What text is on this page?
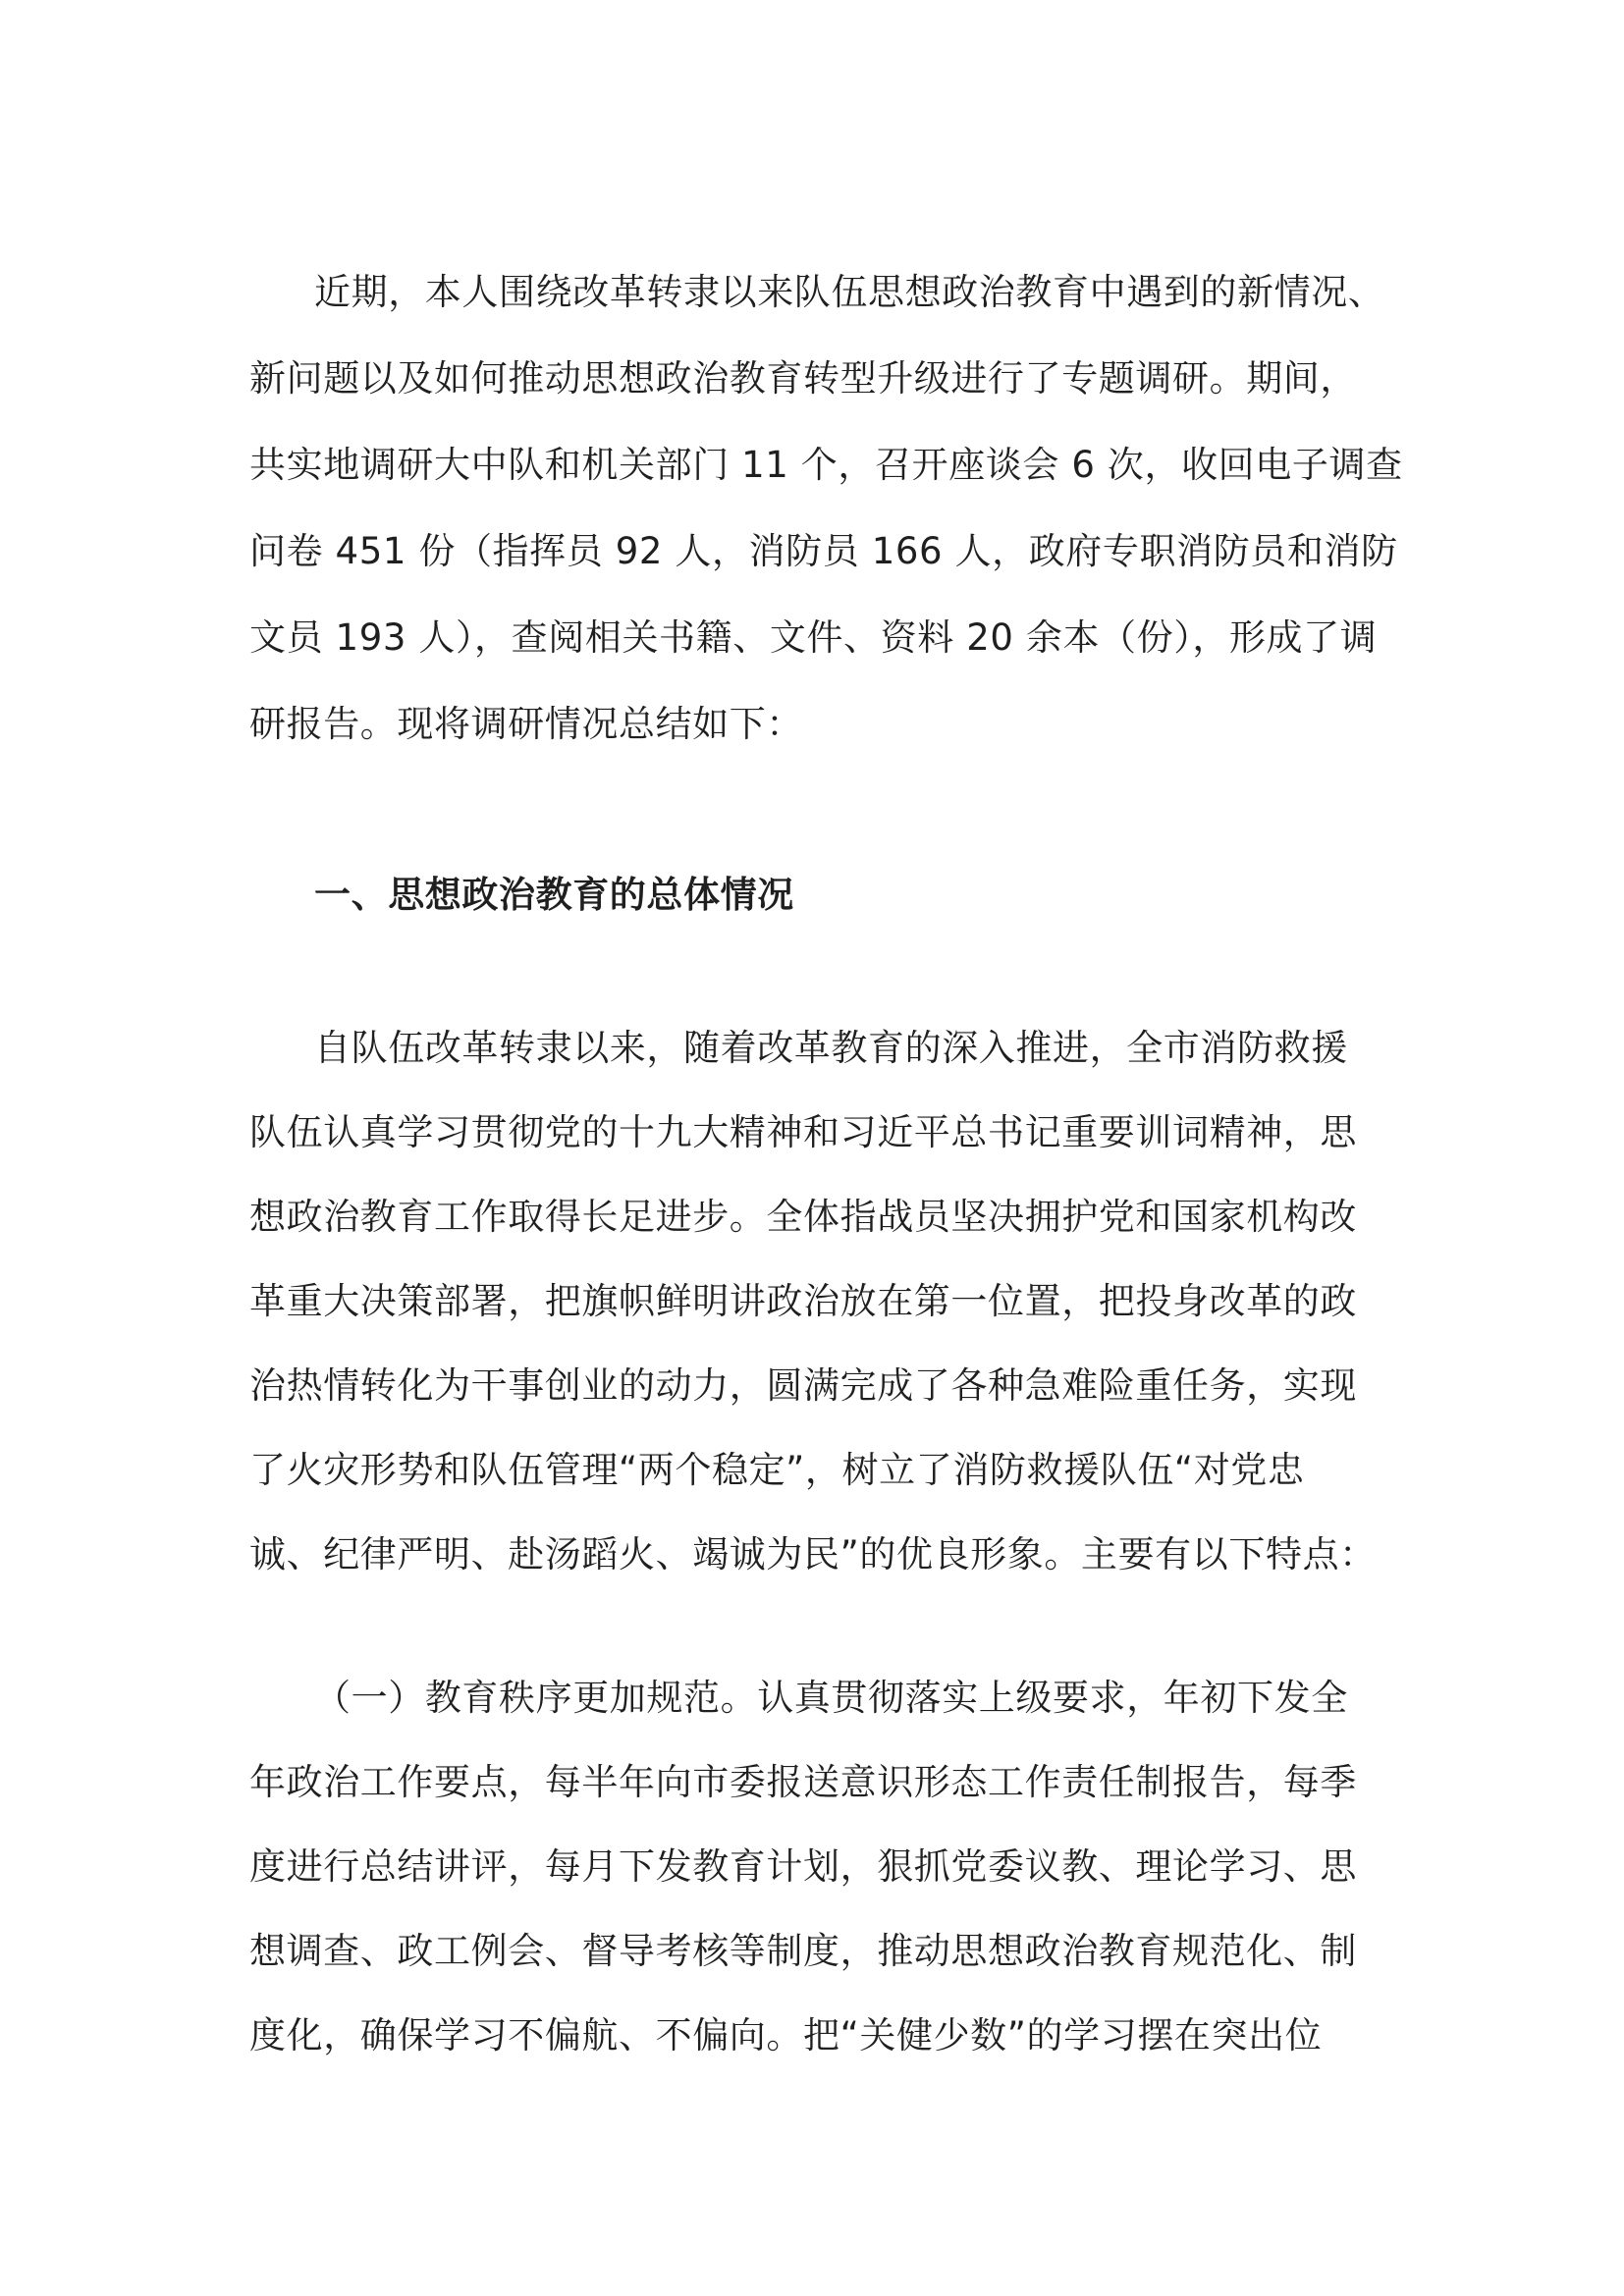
近期，本人围绕改革转隶以来队伍思想政治教育中遇到的新情况、

新问题以及如何推动思想政治教育转型升级进行了专题调研。期间，

共实地调研大中队和机关部门 11 个，召开座谈会 6 次，收回电子调查

问卷 451 份（指挥员 92 人，消防员 166 人，政府专职消防员和消防

文员 193 人），查阅相关书籍、文件、资料 20 余本（份），形成了调

研报告。现将调研情况总结如下：

一、思想政治教育的总体情况

自队伍改革转隶以来，随着改革教育的深入推进，全市消防救援

队伍认真学习贯彻党的十九大精神和习近平总书记重要训词精神，思

想政治教育工作取得长足进步。全体指战员坚决拥护党和国家机构改

革重大决策部署，把旗帜鲜明讲政治放在第一位置，把投身改革的政

治热情转化为干事创业的动力，圆满完成了各种急难险重任务，实现

了火灾形势和队伍管理“两个稳定”，树立了消防救援队伍“对党忠

诚、纪律严明、赴汤蹈火、竭诚为民”的优良形象。主要有以下特点：

（一）教育秩序更加规范。认真贯彻落实上级要求，年初下发全

年政治工作要点，每半年向市委报送意识形态工作责任制报告，每季

度进行总结讲评，每月下发教育计划，狠抓党委议教、理论学习、思

想调查、政工例会、督导考核等制度，推动思想政治教育规范化、制

度化，确保学习不偏航、不偏向。把“关健少数”的学习摆在突出位
